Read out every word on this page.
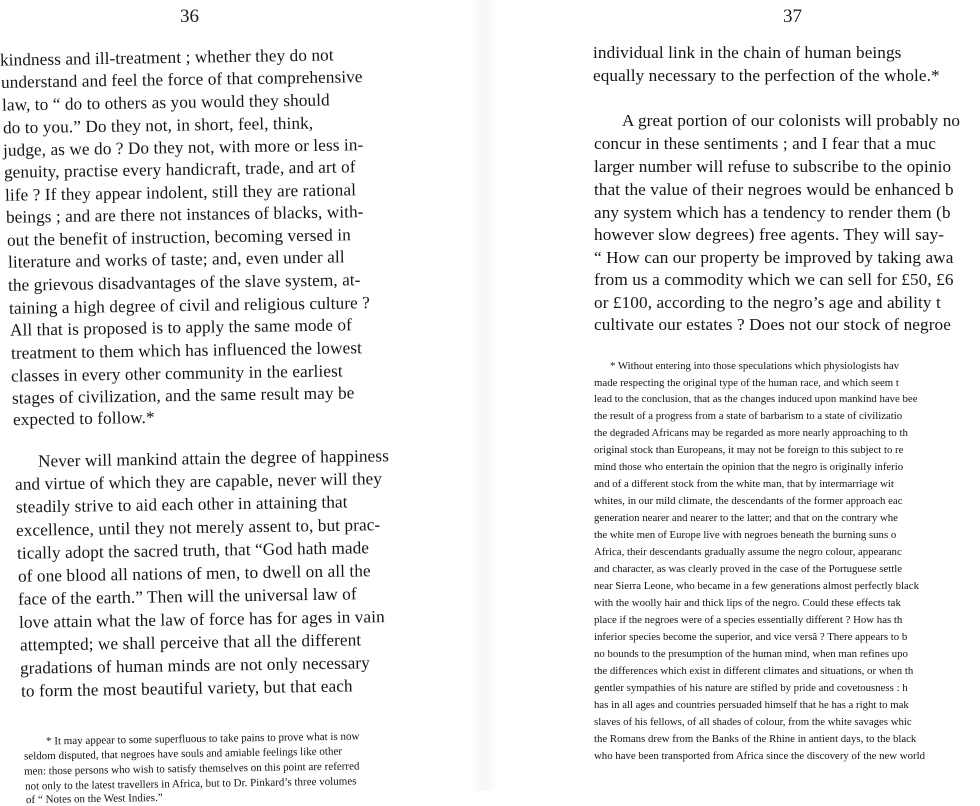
36
kindness and ill-treatment ; whether they do not
understand and feel the force of that comprehensive
law, to “ do to others as you would they should
do to you.” Do they not, in short, feel, think,
judge, as we do ? Do they not, with more or less in-
genuity, practise every handicraft, trade, and art of
life ? If they appear indolent, still they are rational
beings ; and are there not instances of blacks, with-
out the benefit of instruction, becoming versed in
literature and works of taste; and, even under all
the grievous disadvantages of the slave system, at-
taining a high degree of civil and religious culture ?
All that is proposed is to apply the same mode of
treatment to them which has influenced the lowest
classes in every other community in the earliest
stages of civilization, and the same result may be
expected to follow.*
Never will mankind attain the degree of happiness
and virtue of which they are capable, never will they
steadily strive to aid each other in attaining that
excellence, until they not merely assent to, but prac-
tically adopt the sacred truth, that “God hath made
of one blood all nations of men, to dwell on all the
face of the earth.” Then will the universal law of
love attain what the law of force has for ages in vain
attempted; we shall perceive that all the different
gradations of human minds are not only necessary
to form the most beautiful variety, but that each
* It may appear to some superfluous to take pains to prove what is now
seldom disputed, that negroes have souls and amiable feelings like other
men: those persons who wish to satisfy themselves on this point are referred
not only to the latest travellers in Africa, but to Dr. Pinkard’s three volumes
of “ Notes on the West Indies.”
37
individual link in the chain of human beings
equally necessary to the perfection of the whole.*
A great portion of our colonists will probably no
concur in these sentiments ; and I fear that a muc
larger number will refuse to subscribe to the opinio
that the value of their negroes would be enhanced b
any system which has a tendency to render them (b
however slow degrees) free agents. They will say-
“ How can our property be improved by taking awa
from us a commodity which we can sell for £50, £6
or £100, according to the negro’s age and ability t
cultivate our estates ? Does not our stock of negroe
* Without entering into those speculations which physiologists hav
made respecting the original type of the human race, and which seem t
lead to the conclusion, that as the changes induced upon mankind have bee
the result of a progress from a state of barbarism to a state of civilizatio
the degraded Africans may be regarded as more nearly approaching to th
original stock than Europeans, it may not be foreign to this subject to re
mind those who entertain the opinion that the negro is originally inferio
and of a different stock from the white man, that by intermarriage wit
whites, in our mild climate, the descendants of the former approach eac
generation nearer and nearer to the latter; and that on the contrary whe
the white men of Europe live with negroes beneath the burning suns o
Africa, their descendants gradually assume the negro colour, appearanc
and character, as was clearly proved in the case of the Portuguese settle
near Sierra Leone, who became in a few generations almost perfectly black
with the woolly hair and thick lips of the negro. Could these effects tak
place if the negroes were of a species essentially different ? How has th
inferior species become the superior, and vice versâ ? There appears to b
no bounds to the presumption of the human mind, when man refines upo
the differences which exist in different climates and situations, or when th
gentler sympathies of his nature are stifled by pride and covetousness : h
has in all ages and countries persuaded himself that he has a right to mak
slaves of his fellows, of all shades of colour, from the white savages whic
the Romans drew from the Banks of the Rhine in antient days, to the black
who have been transported from Africa since the discovery of the new world
